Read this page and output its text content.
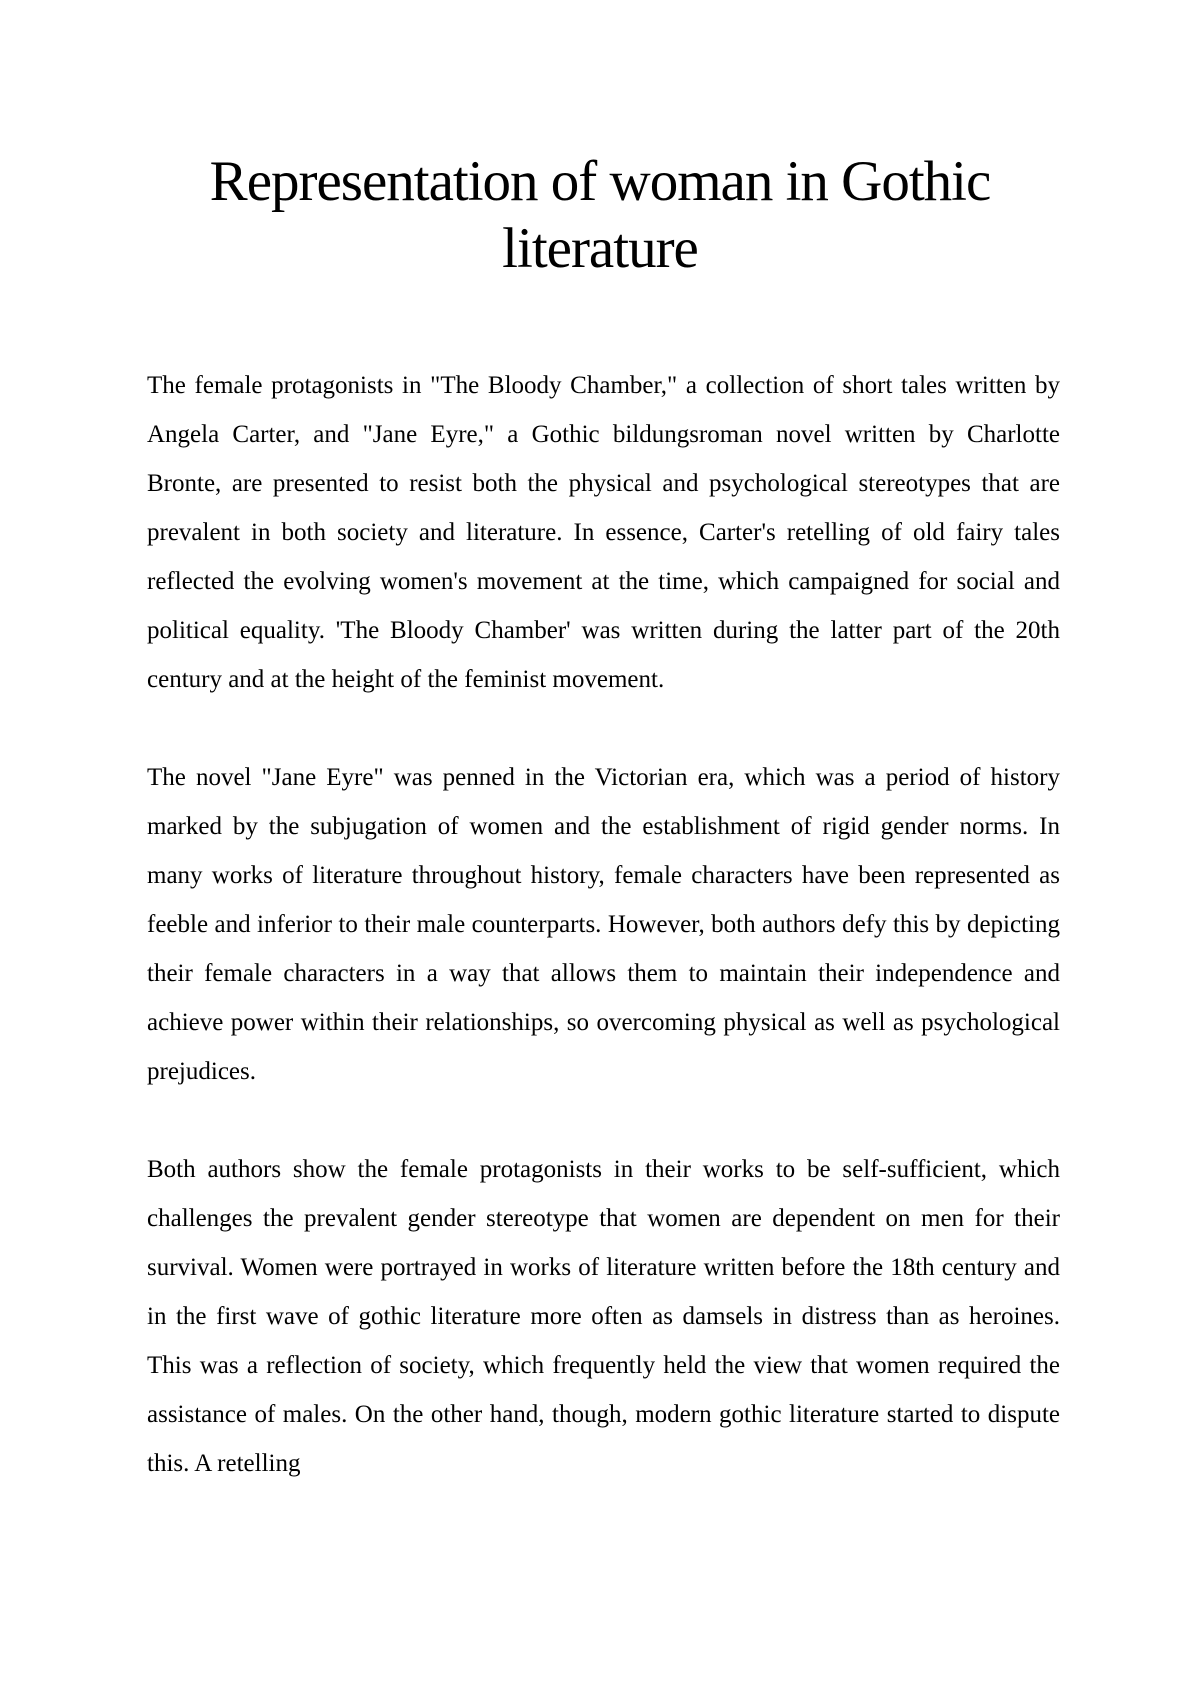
Representation of woman in Gothic literature

The female protagonists in "The Bloody Chamber," a collection of short tales written by Angela Carter, and "Jane Eyre," a Gothic bildungsroman novel written by Charlotte Bronte, are presented to resist both the physical and psychological stereotypes that are prevalent in both society and literature. In essence, Carter's retelling of old fairy tales reflected the evolving women's movement at the time, which campaigned for social and political equality. 'The Bloody Chamber' was written during the latter part of the 20th century and at the height of the feminist movement.

The novel "Jane Eyre" was penned in the Victorian era, which was a period of history marked by the subjugation of women and the establishment of rigid gender norms. In many works of literature throughout history, female characters have been represented as feeble and inferior to their male counterparts. However, both authors defy this by depicting their female characters in a way that allows them to maintain their independence and achieve power within their relationships, so overcoming physical as well as psychological prejudices.

Both authors show the female protagonists in their works to be self-sufficient, which challenges the prevalent gender stereotype that women are dependent on men for their survival. Women were portrayed in works of literature written before the 18th century and in the first wave of gothic literature more often as damsels in distress than as heroines. This was a reflection of society, which frequently held the view that women required the assistance of males. On the other hand, though, modern gothic literature started to dispute this. A retelling
